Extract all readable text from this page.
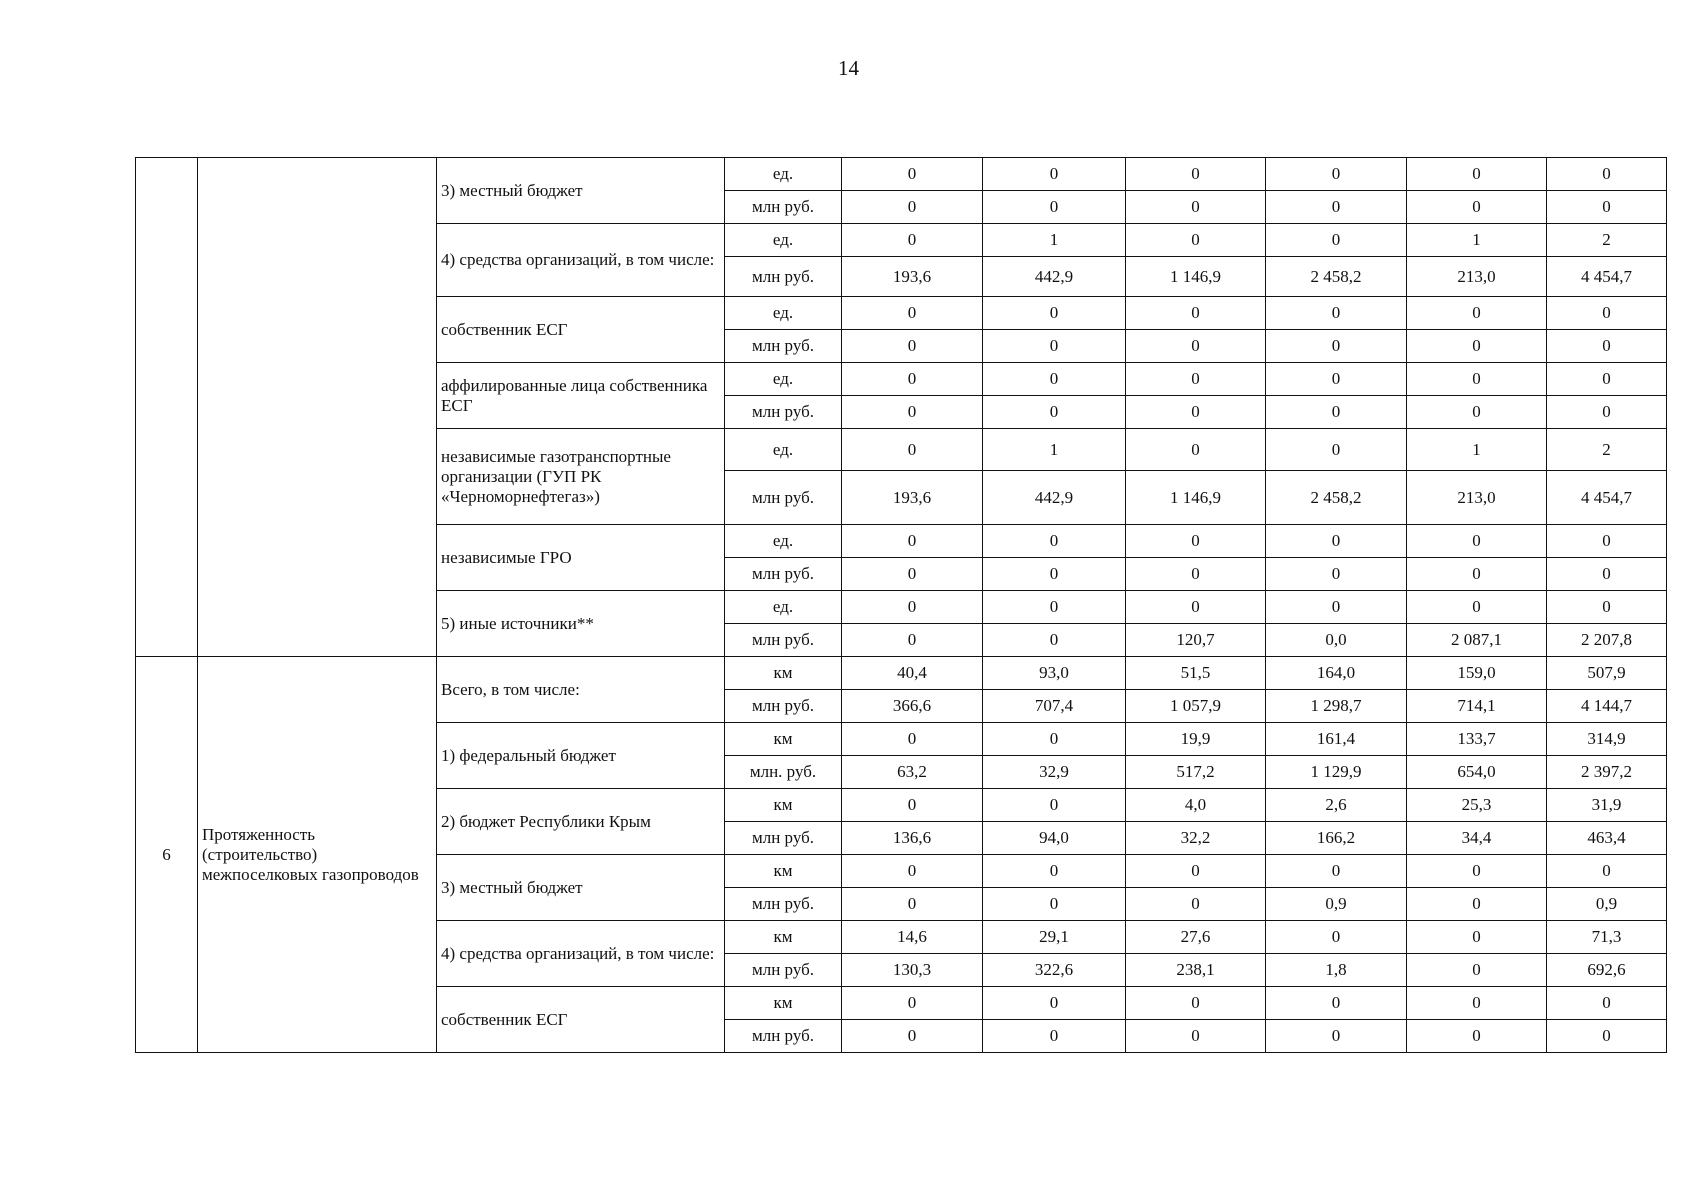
14
		3) местный бюджет	ед.	0	0	0	0	0	0
			млн руб.	0	0	0	0	0	0
		4) средства организаций, в том числе:	ед.	0	1	0	0	1	2
			млн руб.	193,6	442,9	1 146,9	2 458,2	213,0	4 454,7
		собственник ЕСГ	ед.	0	0	0	0	0	0
			млн руб.	0	0	0	0	0	0
		аффилированные лица собственника ЕСГ	ед.	0	0	0	0	0	0
			млн руб.	0	0	0	0	0	0
		независимые газотранспортные организации (ГУП РК «Черноморнефтегаз»)	ед.	0	1	0	0	1	2
			млн руб.	193,6	442,9	1 146,9	2 458,2	213,0	4 454,7
		независимые ГРО	ед.	0	0	0	0	0	0
			млн руб.	0	0	0	0	0	0
		5) иные источники**	ед.	0	0	0	0	0	0
			млн руб.	0	0	120,7	0,0	2 087,1	2 207,8
6	Протяженность (строительство) межпоселковых газопроводов	Всего, в том числе:	км	40,4	93,0	51,5	164,0	159,0	507,9
			млн руб.	366,6	707,4	1 057,9	1 298,7	714,1	4 144,7
		1) федеральный бюджет	км	0	0	19,9	161,4	133,7	314,9
			млн. руб.	63,2	32,9	517,2	1 129,9	654,0	2 397,2
		2) бюджет Республики Крым	км	0	0	4,0	2,6	25,3	31,9
			млн руб.	136,6	94,0	32,2	166,2	34,4	463,4
		3) местный бюджет	км	0	0	0	0	0	0
			млн руб.	0	0	0	0,9	0	0,9
		4) средства организаций, в том числе:	км	14,6	29,1	27,6	0	0	71,3
			млн руб.	130,3	322,6	238,1	1,8	0	692,6
		собственник ЕСГ	км	0	0	0	0	0	0
			млн руб.	0	0	0	0	0	0
